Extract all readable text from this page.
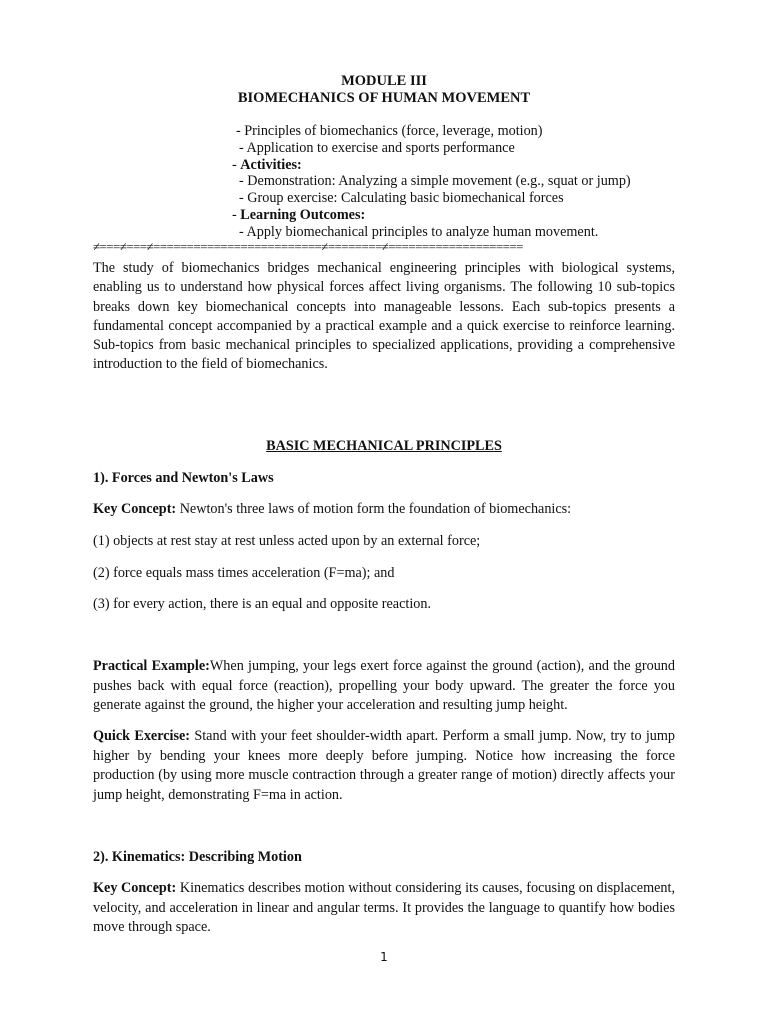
MODULE III
BIOMECHANICS OF HUMAN MOVEMENT
- Principles of biomechanics (force, leverage, motion)
- Application to exercise and sports performance
- Activities:
- Demonstration: Analyzing a simple movement (e.g., squat or jump)
- Group exercise: Calculating basic biomechanical forces
- Learning Outcomes:
- Apply biomechanical principles to analyze human movement.
≠===≠===≠=========================≠========≠====================
The study of biomechanics bridges mechanical engineering principles with biological systems, enabling us to understand how physical forces affect living organisms. The following 10 sub-topics breaks down key biomechanical concepts into manageable lessons. Each sub-topics presents a fundamental concept accompanied by a practical example and a quick exercise to reinforce learning. Sub-topics from basic mechanical principles to specialized applications, providing a comprehensive introduction to the field of biomechanics.
BASIC MECHANICAL PRINCIPLES
1). Forces and Newton's Laws
Key Concept: Newton's three laws of motion form the foundation of biomechanics:
(1) objects at rest stay at rest unless acted upon by an external force;
(2) force equals mass times acceleration (F=ma); and
(3) for every action, there is an equal and opposite reaction.
Practical Example:When jumping, your legs exert force against the ground (action), and the ground pushes back with equal force (reaction), propelling your body upward. The greater the force you generate against the ground, the higher your acceleration and resulting jump height.
Quick Exercise: Stand with your feet shoulder-width apart. Perform a small jump. Now, try to jump higher by bending your knees more deeply before jumping. Notice how increasing the force production (by using more muscle contraction through a greater range of motion) directly affects your jump height, demonstrating F=ma in action.
2). Kinematics: Describing Motion
Key Concept: Kinematics describes motion without considering its causes, focusing on displacement, velocity, and acceleration in linear and angular terms. It provides the language to quantify how bodies move through space.
1
